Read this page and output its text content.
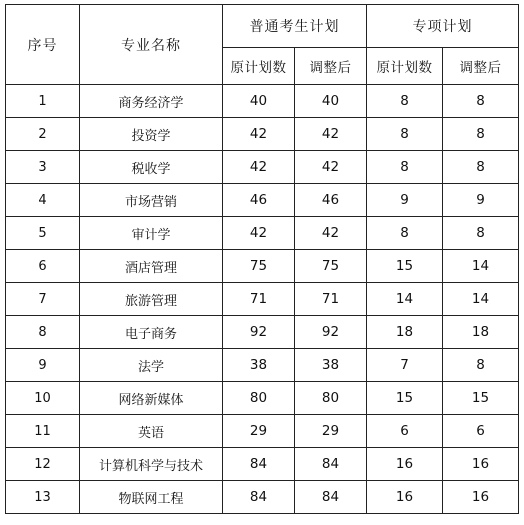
序号	专业名称	普通考生计划		专项计划	
		原计划数	调整后	原计划数	调整后
1	商务经济学	40	40	8	8
2	投资学	42	42	8	8
3	税收学	42	42	8	8
4	市场营销	46	46	9	9
5	审计学	42	42	8	8
6	酒店管理	75	75	15	14
7	旅游管理	71	71	14	14
8	电子商务	92	92	18	18
9	法学	38	38	7	8
10	网络新媒体	80	80	15	15
11	英语	29	29	6	6
12	计算机科学与技术	84	84	16	16
13	物联网工程	84	84	16	16
